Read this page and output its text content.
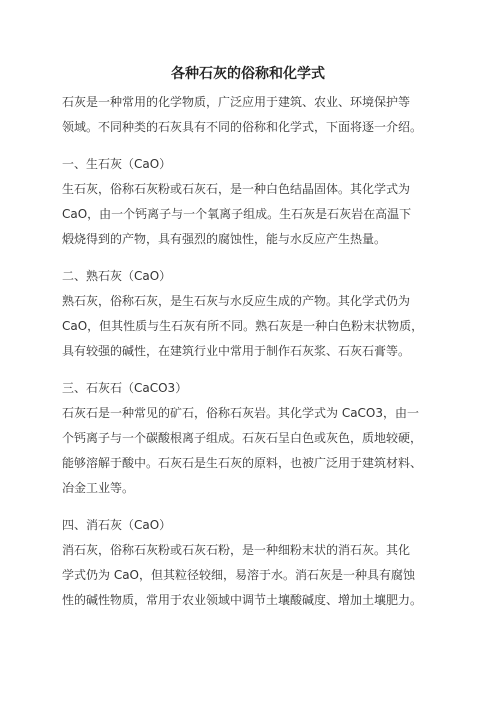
各种石灰的俗称和化学式
石灰是一种常用的化学物质，广泛应用于建筑、农业、环境保护等
领域。不同种类的石灰具有不同的俗称和化学式，下面将逐一介绍。
一、生石灰（CaO）
生石灰，俗称石灰粉或石灰石，是一种白色结晶固体。其化学式为
CaO，由一个钙离子与一个氧离子组成。生石灰是石灰岩在高温下
煅烧得到的产物，具有强烈的腐蚀性，能与水反应产生热量。
二、熟石灰（CaO）
熟石灰，俗称石灰，是生石灰与水反应生成的产物。其化学式仍为
CaO，但其性质与生石灰有所不同。熟石灰是一种白色粉末状物质，
具有较强的碱性，在建筑行业中常用于制作石灰浆、石灰石膏等。
三、石灰石（CaCO3）
石灰石是一种常见的矿石，俗称石灰岩。其化学式为 CaCO3，由一
个钙离子与一个碳酸根离子组成。石灰石呈白色或灰色，质地较硬，
能够溶解于酸中。石灰石是生石灰的原料，也被广泛用于建筑材料、
冶金工业等。
四、消石灰（CaO）
消石灰，俗称石灰粉或石灰石粉，是一种细粉末状的消石灰。其化
学式仍为 CaO，但其粒径较细，易溶于水。消石灰是一种具有腐蚀
性的碱性物质，常用于农业领域中调节土壤酸碱度、增加土壤肥力。
